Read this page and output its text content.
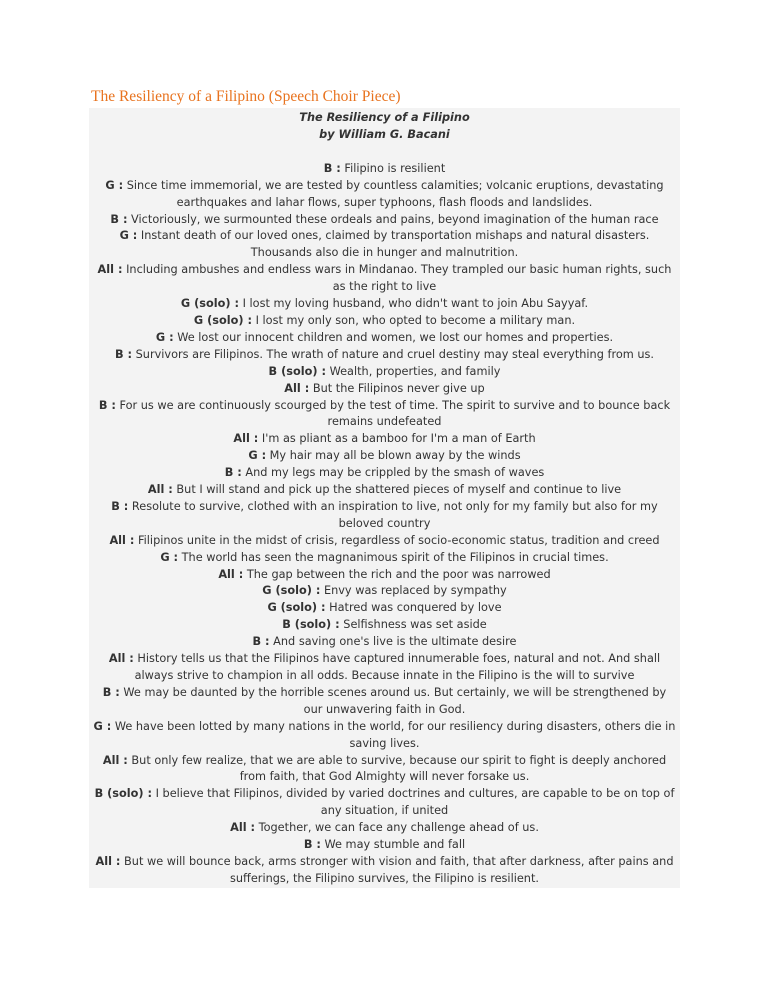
The Resiliency of a Filipino (Speech Choir Piece)
The Resiliency of a Filipino
by William G. Bacani
B : Filipino is resilient
G : Since time immemorial, we are tested by countless calamities; volcanic eruptions, devastating earthquakes and lahar flows, super typhoons, flash floods and landslides.
B : Victoriously, we surmounted these ordeals and pains, beyond imagination of the human race
G : Instant death of our loved ones, claimed by transportation mishaps and natural disasters. Thousands also die in hunger and malnutrition.
All : Including ambushes and endless wars in Mindanao. They trampled our basic human rights, such as the right to live
G (solo) : I lost my loving husband, who didn't want to join Abu Sayyaf.
G (solo) : I lost my only son, who opted to become a military man.
G : We lost our innocent children and women, we lost our homes and properties.
B : Survivors are Filipinos. The wrath of nature and cruel destiny may steal everything from us.
B (solo) : Wealth, properties, and family
All : But the Filipinos never give up
B : For us we are continuously scourged by the test of time. The spirit to survive and to bounce back remains undefeated
All : I'm as pliant as a bamboo for I'm a man of Earth
G : My hair may all be blown away by the winds
B : And my legs may be crippled by the smash of waves
All : But I will stand and pick up the shattered pieces of myself and continue to live
B : Resolute to survive, clothed with an inspiration to live, not only for my family but also for my beloved country
All : Filipinos unite in the midst of crisis, regardless of socio-economic status, tradition and creed
G : The world has seen the magnanimous spirit of the Filipinos in crucial times.
All : The gap between the rich and the poor was narrowed
G (solo) : Envy was replaced by sympathy
G (solo) : Hatred was conquered by love
B (solo) : Selfishness was set aside
B : And saving one's live is the ultimate desire
All : History tells us that the Filipinos have captured innumerable foes, natural and not. And shall always strive to champion in all odds. Because innate in the Filipino is the will to survive
B : We may be daunted by the horrible scenes around us. But certainly, we will be strengthened by our unwavering faith in God.
G : We have been lotted by many nations in the world, for our resiliency during disasters, others die in saving lives.
All : But only few realize, that we are able to survive, because our spirit to fight is deeply anchored from faith, that God Almighty will never forsake us.
B (solo) : I believe that Filipinos, divided by varied doctrines and cultures, are capable to be on top of any situation, if united
All : Together, we can face any challenge ahead of us.
B : We may stumble and fall
All : But we will bounce back, arms stronger with vision and faith, that after darkness, after pains and sufferings, the Filipino survives, the Filipino is resilient.
